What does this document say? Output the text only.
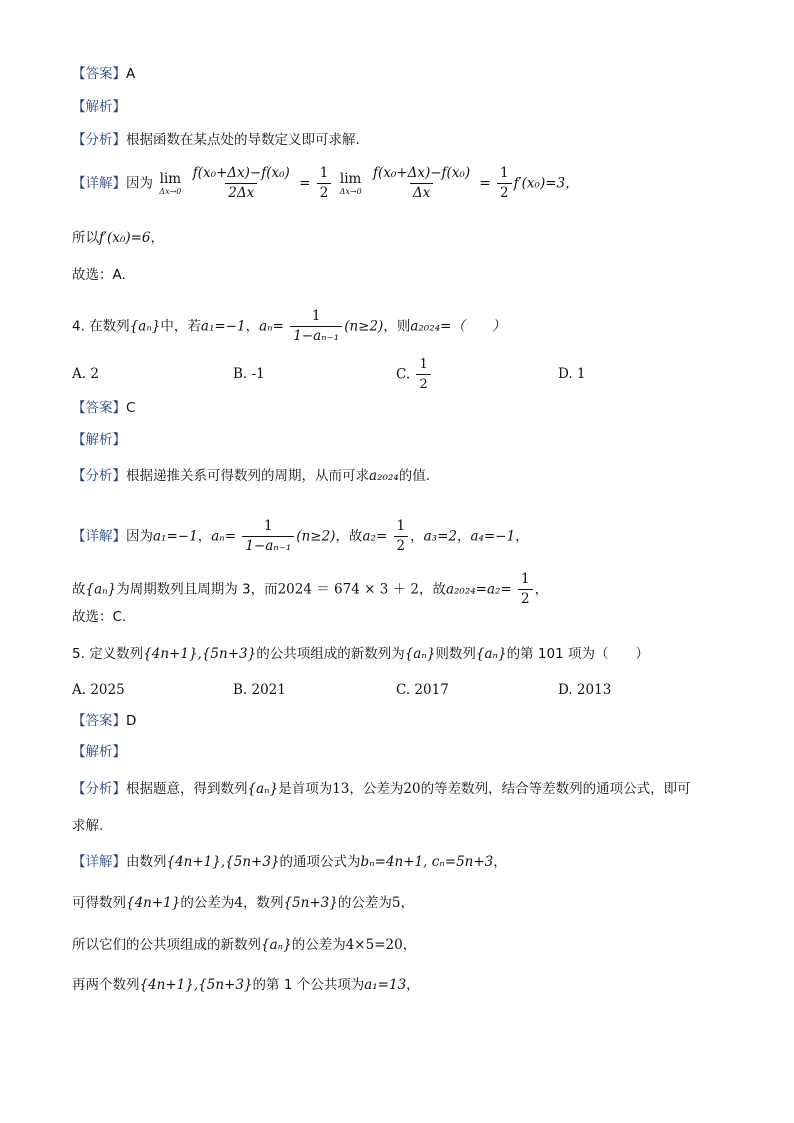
【答案】A
【解析】
【分析】根据函数在某点处的导数定义即可求解.
【详解】因为 lim
Δx→0
$\frac{\text{f(x₀+Δx)−f(x₀)}}{2\Delta x} = \frac{1}{2}$
lim
Δx→0
$\frac{\text{f(x₀+Δx)−f(x₀)}}{\Delta x} = \frac{1}{2} f'(x_0)=3$，
所以f′(x₀)=6，
故选：A.
4. 在数列{aₙ}中，若a₁=−1，$a_n= \frac{1}{\text{1−aₙ₋₁}} (n\ge 2)$，则a₂₀₂₄=（　　）
A. 2	B. -1	C. $\frac{1}{2}$	D. 1
【答案】C
【解析】
【分析】根据递推关系可得数列的周期，从而可求a₂₀₂₄的值.
【详解】因为a₁=−1，$a_n= \frac{1}{\text{1−aₙ₋₁}} (n\ge 2)$，故$a_2= \frac{1}{2}$ ，a₃=2，a₄=−1，
故{aₙ}为周期数列且周期为 3，而2024 ＝ 674 × 3 ＋ 2，故$a_{2024}=a_2= \frac{1}{2}$ ，
故选：C.
5. 定义数列{4n+1},{5n+3}的公共项组成的新数列为{aₙ}则数列{aₙ}的第 101 项为（　　）
A. 2025	B. 2021	C. 2017	D. 2013
【答案】D
【解析】
【分析】根据题意，得到数列{aₙ}是首项为13，公差为20的等差数列，结合等差数列的通项公式，即可
求解.
【详解】由数列{4n+1},{5n+3}的通项公式为bₙ=4n+1, cₙ=5n+3，
可得数列{4n+1}的公差为4，数列{5n+3}的公差为5，
所以它们的公共项组成的新数列{aₙ}的公差为4×5=20，
再两个数列{4n+1},{5n+3}的第 1 个公共项为a₁=13，
